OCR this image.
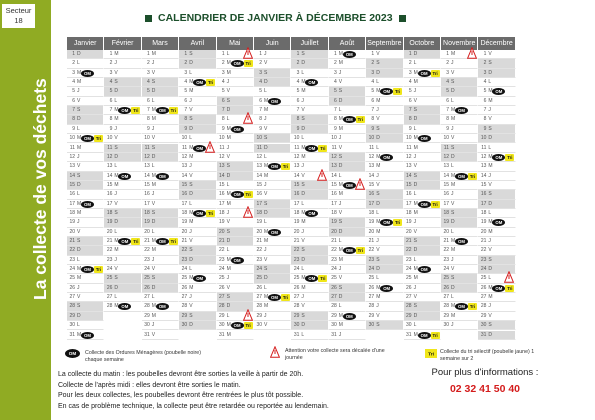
Secteur
18
La collecte de vos déchets
CALENDRIER DE JANVIER À DÉCEMBRE 2023
Janvier
1 D
2 L
3 M OM
4 M
5 J
6 V
7 S
8 D
9 L
10 M OM	Tri
11 M
12 J
13 V
14 S
15 D
16 L
17 M OM
18 M
19 J
20 V
21 S
22 D
23 L
24 M OM	Tri
25 M
26 J
27 V
28 S
29 D
30 L
31 M OM
Février
1 M
2 J
3 V
4 S
5 D
6 L
7 M OM	Tri
8 M
9 J
10 V
11 S
12 D
13 L
14 M OM
15 M
16 J
17 V
18 S
19 D
20 L
21 M OM	Tri
22 M
23 J
24 V
25 S
26 D
27 L
28 M OM
Mars
1 M
2 J
3 V
4 S
5 D
6 L
7 M OM	Tri
8 M
9 J
10 V
11 S
12 D
13 L
14 M OM
15 M
16 J
17 V
18 S
19 D
20 L
21 M OM	Tri
22 M
23 J
24 V
25 S
26 D
27 L
28 M OM
29 M
30 J
31 V
Avril
1 S
2 D
3 L
4 M OM	Tri
5 M
6 J
7 V
8 S
9 D
10 L
11 M OM
12 M
13 J
14 V
15 S
16 D
17 L
18 M OM	Tri
19 M
20 J
21 V
22 S
23 D
24 L
25 M OM
26 M
27 J
28 V
29 S
30 D
Mai
1 L
2 M OM	Tri
3 M
4 J
5 V
6 S
7 D
8 L
9 M OM
10 M
11 J
12 V
13 S
14 D
15 L
16 M OM	Tri
17 M
18 J
19 V
20 S
21 D
22 L
23 M OM
24 M
25 J
26 V
27 S
28 D
29 L
30 M OM	Tri
31 M
Juin
1 J
2 V
3 S
4 D
5 L
6 M OM
7 M
8 J
9 V
10 S
11 D
12 L
13 M OM	Tri
14 M
15 J
16 V
17 S
18 D
19 L
20 M OM
21 M
22 J
23 V
24 S
25 D
26 L
27 M OM	Tri
28 M
29 J
30 V
Juillet
1 S
2 D
3 L
4 M OM
5 M
6 J
7 V
8 S
9 D
10 L
11 M OM	Tri
12 M
13 J
14 V
15 S
16 D
17 L
18 M OM
19 M
20 J
21 V
22 S
23 D
24 L
25 M OM	Tri
26 M
27 J
28 V
29 S
30 D
31 L
Août
1 M OM
2 M
3 J
4 V
5 S
6 D
7 L
8 M OM	Tri
9 M
10 J
11 V
12 S
13 D
14 L
15 M OM
16 M
17 J
18 V
19 S
20 D
21 L
22 M OM	Tri
23 M
24 J
25 V
26 S
27 D
28 L
29 M OM
30 M
31 J
Septembre
1 V
2 S
3 D
4 L
5 M OM	Tri
6 M
7 J
8 V
9 S
10 D
11 L
12 M OM
13 M
14 J
15 V
16 S
17 D
18 L
19 M OM	Tri
20 M
21 J
22 V
23 S
24 D
25 L
26 M OM
27 M
28 J
29 V
30 S
Octobre
1 D
2 L
3 M OM	Tri
4 M
5 J
6 V
7 S
8 D
9 L
10 M OM
11 M
12 J
13 V
14 S
15 D
16 L
17 M OM	Tri
18 M
19 J
20 V
21 S
22 D
23 L
24 M OM
25 M
26 J
27 V
28 S
29 D
30 L
31 M OM	Tri
Novembre
1 M
2 J
3 V
4 S
5 D
6 L
7 M OM
8 M
9 J
10 V
11 S
12 D
13 L
14 M OM	Tri
15 M
16 J
17 V
18 S
19 D
20 L
21 M OM
22 M
23 J
24 V
25 S
26 D
27 L
28 M OM	Tri
29 M
30 J
Décembre
1 V
2 S
3 D
4 L
5 M OM
6 M
7 J
8 V
9 S
10 D
11 L
12 M OM	Tri
13 M
14 J
15 V
16 S
17 D
18 L
19 M OM
20 M
21 J
22 V
23 S
24 D
25 L
26 M OM	Tri
27 M
28 J
29 V
30 S
31 D
OM Collecte des Ordures Ménagères (poubelle noire) chaque semaine
Attention votre collecte sera décalée d'une journée	Tri Collecte du tri sélectif (poubelle jaune) 1 semaine sur 2
La collecte du matin : les poubelles devront être sorties la veille à partir de 20h.
Collecte de l'après midi : elles devront être sorties le matin.
Pour les deux collectes, les poubelles devront être rentrées le plus tôt possible.
En cas de problème technique, la collecte peut être retardée ou reportée au lendemain.
Pour plus d'informations :
02 32 41 50 40
